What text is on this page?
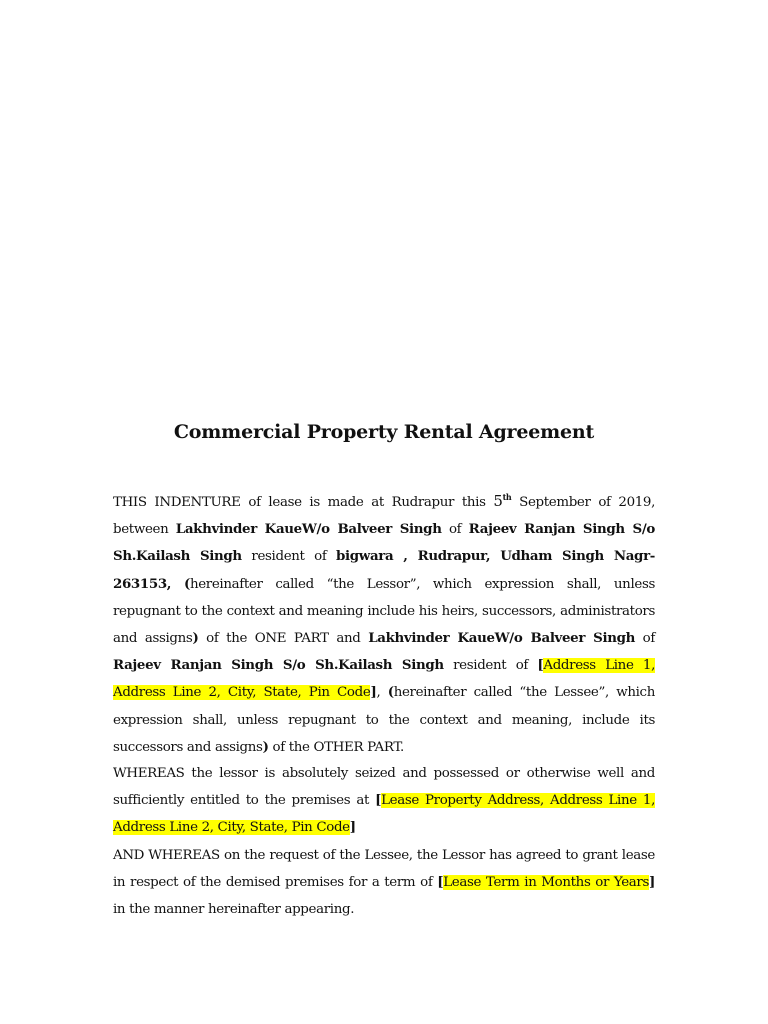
Commercial Property Rental Agreement

THIS INDENTURE of lease is made at Rudrapur this 5th September of 2019, between Lakhvinder KaueW/o Balveer Singh of Rajeev Ranjan Singh S/o Sh.Kailash Singh resident of bigwara , Rudrapur, Udham Singh Nagr-263153, (hereinafter called “the Lessor”, which expression shall, unless repugnant to the context and meaning include his heirs, successors, administrators and assigns) of the ONE PART and Lakhvinder KaueW/o Balveer Singh of Rajeev Ranjan Singh S/o Sh.Kailash Singh resident of [Address Line 1, Address Line 2, City, State, Pin Code], (hereinafter called “the Lessee”, which expression shall, unless repugnant to the context and meaning, include its successors and assigns) of the OTHER PART.

WHEREAS the lessor is absolutely seized and possessed or otherwise well and sufficiently entitled to the premises at [Lease Property Address, Address Line 1, Address Line 2, City, State, Pin Code]

AND WHEREAS on the request of the Lessee, the Lessor has agreed to grant lease in respect of the demised premises for a term of [Lease Term in Months or Years] in the manner hereinafter appearing.
